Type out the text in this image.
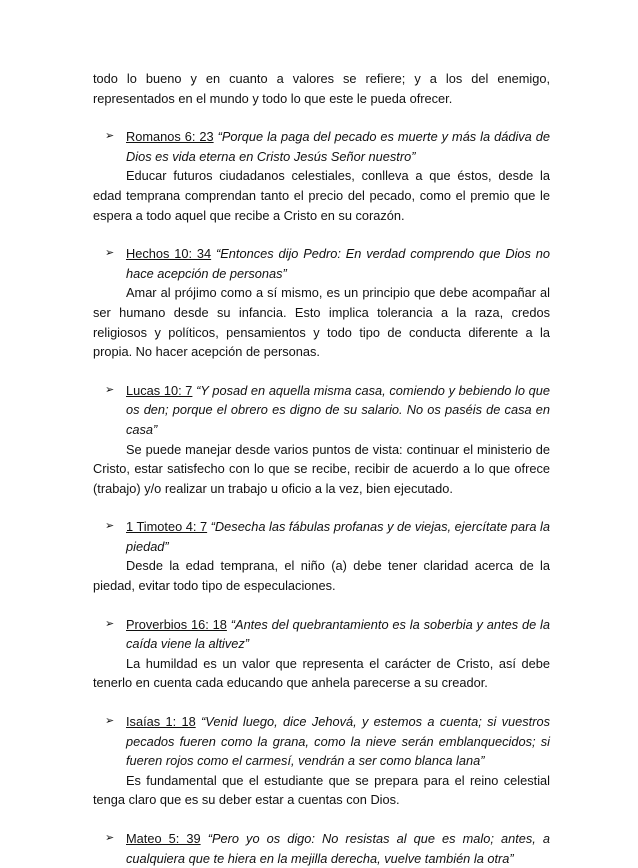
todo lo bueno y en cuanto a valores se refiere; y a los del enemigo, representados en el mundo y todo lo que este le pueda ofrecer.

➢ Romanos 6: 23 “Porque la paga del pecado es muerte y más la dádiva de Dios es vida eterna en Cristo Jesús Señor nuestro”

Educar futuros ciudadanos celestiales, conlleva a que éstos, desde la edad temprana comprendan tanto el precio del pecado, como el premio que le espera a todo aquel que recibe a Cristo en su corazón.

➢ Hechos 10: 34 “Entonces dijo Pedro: En verdad comprendo que Dios no hace acepción de personas”

Amar al prójimo como a sí mismo, es un principio que debe acompañar al ser humano desde su infancia. Esto implica tolerancia a la raza, credos religiosos y políticos, pensamientos y todo tipo de conducta diferente a la propia. No hacer acepción de personas.

➢ Lucas 10: 7 “Y posad en aquella misma casa, comiendo y bebiendo lo que os den; porque el obrero es digno de su salario. No os paséis de casa en casa”

Se puede manejar desde varios puntos de vista: continuar el ministerio de Cristo, estar satisfecho con lo que se recibe, recibir de acuerdo a lo que ofrece (trabajo) y/o realizar un trabajo u oficio a la vez, bien ejecutado.

➢ 1 Timoteo 4: 7 “Desecha las fábulas profanas y de viejas, ejercítate para la piedad”

Desde la edad temprana, el niño (a) debe tener claridad acerca de la piedad, evitar todo tipo de especulaciones.

➢ Proverbios 16: 18 “Antes del quebrantamiento es la soberbia y antes de la caída viene la altivez”

La humildad es un valor que representa el carácter de Cristo, así debe tenerlo en cuenta cada educando que anhela parecerse a su creador.

➢ Isaías 1: 18 “Venid luego, dice Jehová, y estemos a cuenta; si vuestros pecados fueren como la grana, como la nieve serán emblanquecidos; si fueren rojos como el carmesí, vendrán a ser como blanca lana”

Es fundamental que el estudiante que se prepara para el reino celestial tenga claro que es su deber estar a cuentas con Dios.

➢ Mateo 5: 39 “Pero yo os digo: No resistas al que es malo; antes, a cualquiera que te hiera en la mejilla derecha, vuelve también la otra”
